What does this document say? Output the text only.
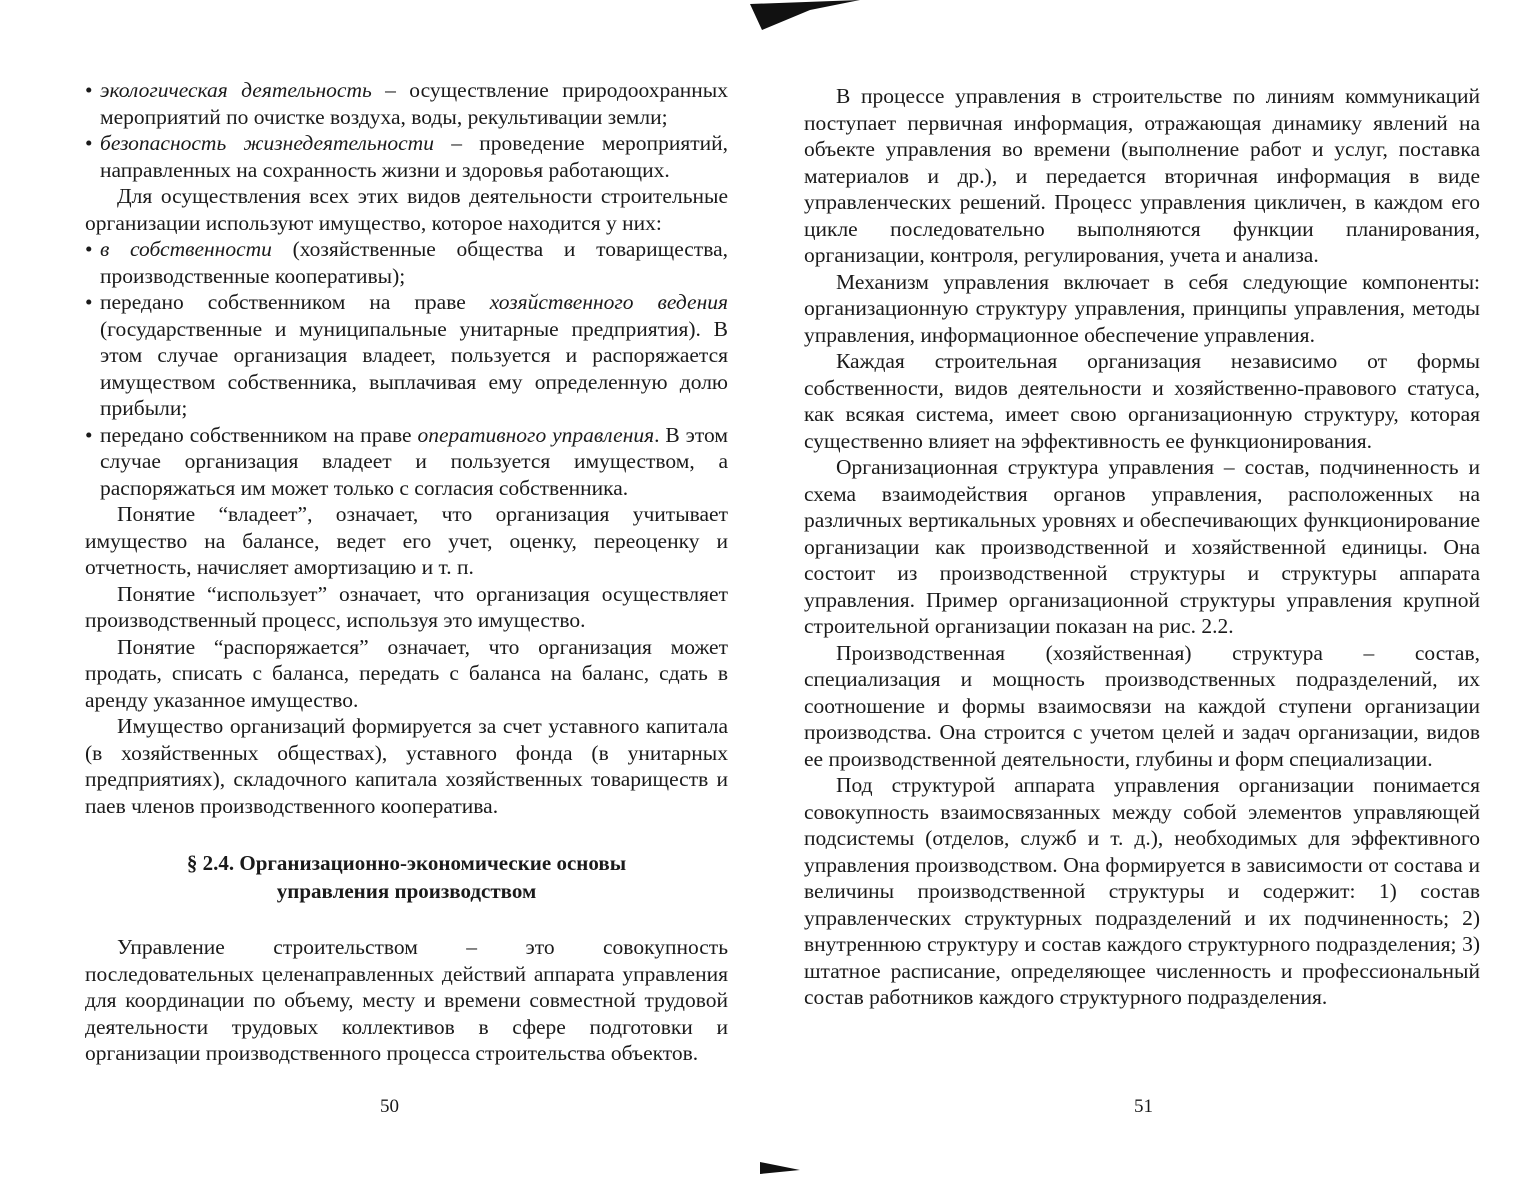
• экологическая деятельность – осуществление природоохранных мероприятий по очистке воздуха, воды, рекультивации земли;
• безопасность жизнедеятельности – проведение мероприятий, направленных на сохранность жизни и здоровья работающих.

Для осуществления всех этих видов деятельности строительные организации используют имущество, которое находится у них:

• в собственности (хозяйственные общества и товарищества, производственные кооперативы);
• передано собственником на праве хозяйственного ведения (государственные и муниципальные унитарные предприятия). В этом случае организация владеет, пользуется и распоряжается имуществом собственника, выплачивая ему определенную долю прибыли;
• передано собственником на праве оперативного управления. В этом случае организация владеет и пользуется имуществом, а распоряжаться им может только с согласия собственника.

Понятие “владеет”, означает, что организация учитывает имущество на балансе, ведет его учет, оценку, переоценку и отчетность, начисляет амортизацию и т. п.

Понятие “использует” означает, что организация осуществляет производственный процесс, используя это имущество.

Понятие “распоряжается” означает, что организация может продать, списать с баланса, передать с баланса на баланс, сдать в аренду указанное имущество.

Имущество организаций формируется за счет уставного капитала (в хозяйственных обществах), уставного фонда (в унитарных предприятиях), складочного капитала хозяйственных товариществ и паев членов производственного кооператива.

§ 2.4. Организационно-экономические основы
управления производством

Управление строительством – это совокупность последовательных целенаправленных действий аппарата управления для координации по объему, месту и времени совместной трудовой деятельности трудовых коллективов в сфере подготовки и организации производственного процесса строительства объектов.

50

В процессе управления в строительстве по линиям коммуникаций поступает первичная информация, отражающая динамику явлений на объекте управления во времени (выполнение работ и услуг, поставка материалов и др.), и передается вторичная информация в виде управленческих решений. Процесс управления цикличен, в каждом его цикле последовательно выполняются функции планирования, организации, контроля, регулирования, учета и анализа.

Механизм управления включает в себя следующие компоненты: организационную структуру управления, принципы управления, методы управления, информационное обеспечение управления.

Каждая строительная организация независимо от формы собственности, видов деятельности и хозяйственно-правового статуса, как всякая система, имеет свою организационную структуру, которая существенно влияет на эффективность ее функционирования.

Организационная структура управления – состав, подчиненность и схема взаимодействия органов управления, расположенных на различных вертикальных уровнях и обеспечивающих функционирование организации как производственной и хозяйственной единицы. Она состоит из производственной структуры и структуры аппарата управления. Пример организационной структуры управления крупной строительной организации показан на рис. 2.2.

Производственная (хозяйственная) структура – состав, специализация и мощность производственных подразделений, их соотношение и формы взаимосвязи на каждой ступени организации производства. Она строится с учетом целей и задач организации, видов ее производственной деятельности, глубины и форм специализации.

Под структурой аппарата управления организации понимается совокупность взаимосвязанных между собой элементов управляющей подсистемы (отделов, служб и т. д.), необходимых для эффективного управления производством. Она формируется в зависимости от состава и величины производственной структуры и содержит: 1) состав управленческих структурных подразделений и их подчиненность; 2) внутреннюю структуру и состав каждого структурного подразделения; 3) штатное расписание, определяющее численность и профессиональный состав работников каждого структурного подразделения.

51
